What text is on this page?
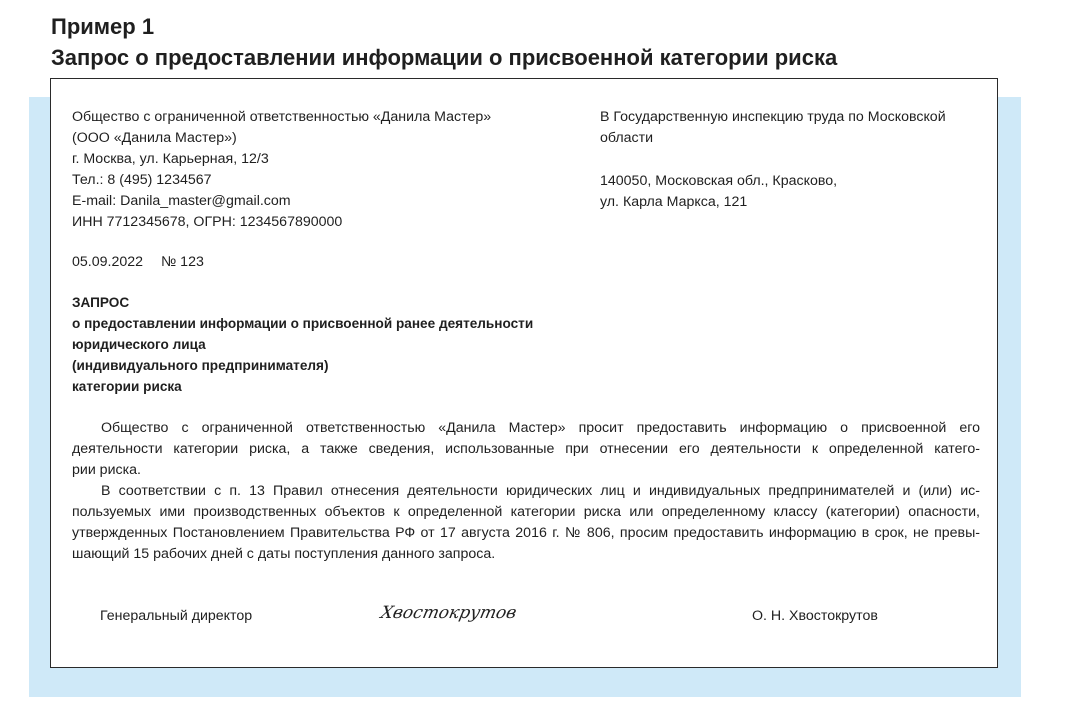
Пример 1
Запрос о предоставлении информации о присвоенной категории риска
Общество с ограниченной ответственностью «Данила Мастер»
(ООО «Данила Мастер»)
г. Москва, ул. Карьерная, 12/3
Тел.: 8 (495) 1234567
E-mail: Danila_master@gmail.com
ИНН 7712345678, ОГРН: 1234567890000
В Государственную инспекцию труда по Московской
области
140050, Московская обл., Красково,
ул. Карла Маркса, 121
05.09.2022 № 123
ЗАПРОС
о предоставлении информации о присвоенной ранее деятельности
юридического лица
(индивидуального предпринимателя)
категории риска
Общество с ограниченной ответственностью «Данила Мастер» просит предоставить информацию о присвоенной его
деятельности категории риска, а также сведения, использованные при отнесении его деятельности к определенной катего-
рии риска.
В соответствии с п. 13 Правил отнесения деятельности юридических лиц и индивидуальных предпринимателей и (или) ис-
пользуемых ими производственных объектов к определенной категории риска или определенному классу (категории) опасности,
утвержденных Постановлением Правительства РФ от 17 августа 2016 г. № 806, просим предоставить информацию в срок, не превы-
шающий 15 рабочих дней с даты поступления данного запроса.
Генеральный директор	Хвостокрутов	О. Н. Хвостокрутов
